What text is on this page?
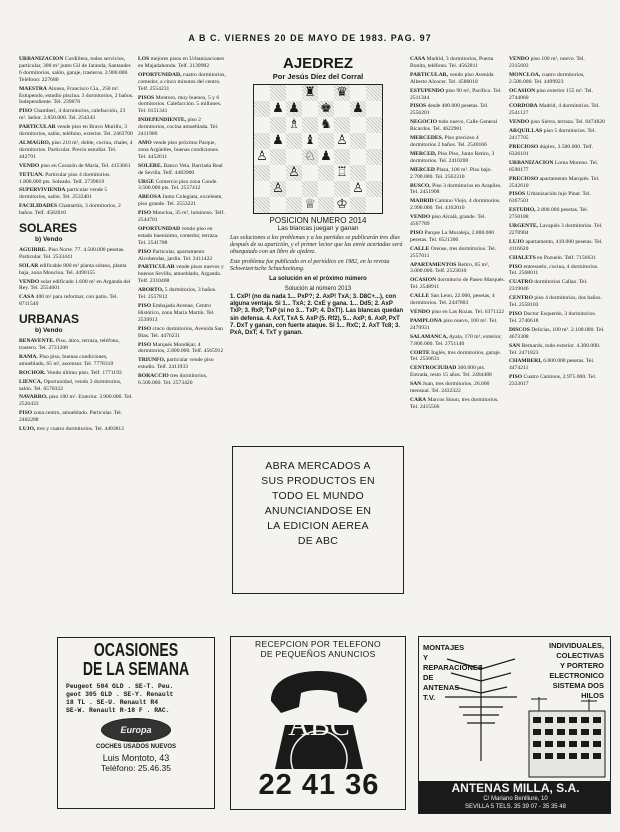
A B C. VIERNES 20 DE MAYO DE 1983. PAG. 97

URBANIZACION Cordillera, todos servicios, particular, 300 m² junto Gil de Jaranda, Santander. 6 dormitorios, salón, garaje, trasteros. 2.900.000. Teléfono: 227680

MAESTRA Alonso, Francisco Cia., 250 m². Estupendo, estudio piscina. 3 dormitorios, 2 baños. Independiente. Tel. 239678

PISO Chamberí, 4 dormitorios, calefacción, 23 m². Señor. 2.850.000. Tel. 254343

PARTICULAR vende piso en Bravo Murillo, 3 dormitorios, salón, teléfono, exterior. Tel. 2463700

ALMAGRO, piso 210 m², doble, cocina, chalet, 4 dormitorios. Particular. Precio estudiar. Tel. 442791

VENDO piso en Corazón de María, Tel. 4153661

TETUAN. Particular piso 4 dormitorios. 1.800.000 pts. Soleado. Telf. 2739819

SUPERVIVIENDA particular vende 5 dormitorios, salón. Tel. 2533401

FACILIDADES Chamartín, 3 dormitorios, 2 baños. Telf. 4582010

SOLARES
b) Vendo

AGUIRRE. Piso Norte. 77. 4.500.000 pesetas. Particular. Tel. 2533441

SOLAR edificable 800 m² planta sótano, planta baja, zona Moncloa. Tel. 4490155

VENDO solar edificado 1.600 m² en Arganda del Rey. Tel. 2554601

CASA 400 m² para reformar, con patio. Tel. 8711540

URBANAS
b) Vendo

BENAVENTE. Piso, ático, terraza, teléfono, trastero. Tel. 2731208

RAMA. Piso piso, buenas condiciones, amueblado, 65 m², ascensor. Tel. 7778310

ROCHOR. Vendo último piso. Telf. 1771193

LIENCA, Oportunidad, vendo 3 dormitorios, salón. Tel. 6570322

NAVARRO, piso 100 m². Exterior. 3.900.000. Tel. 2526433

PISO zona centro, amueblado. Particular. Tel. 2402288

LUJO, tres y cuatro dormitorios. Tel. 4403812

LOS mejores pisos en Urbanizaciones en Majadahonda. Telf. 2139902

OPORTUNIDAD, cuatro dormitorios, comedor, a cinco minutos del centro. Telf. 2554231

PISOS Montoro, muy buenos, 5 y 6 dormitorios. Calefacción. 5 millones. Tel. 6151341

INDEPENDIENTE, piso 2 dormitorios, cocina amueblada. Tel. 2411900

AMO vende piso próximo Parque, zona Argüelles, buenas condiciones. Tel. 4452611

SOLERE. Banco Vela. Barriada Real de Sevilla. Telf. 4483900

URGE Comercio piso zona Conde. 3.500.000 pts. Tel. 2557412

ABEOSA Junto Colegiata, excelente, piso grande. Tel. 2553221

PISO Moncloa, 35 m², luminoso. Telf. 2544701

OPORTUNIDAD vendo piso en estado buenísimo, comedor, terraza. Tel. 2541788

PISO Particular, apartamento Alcobendas, jardín. Tel. 2411422

PARTICULAR vende pisos nuevos y buenos Sevilla, amueblado, Arganda. Telf. 2310408

ABORTO, 5 dormitorios, 3 baños. Tel. 2557812

PISO Embajada Avenue, Centro Histórico, zona María Martín. Tel. 2539913

PISO cinco dormitorios, Avenida San Blas. Tel. 4476231

PISO Marqués Mondéjar, 4 dormitorios, 2.800.000. Telf. 4565912

TRIUNFO, particular vende piso estudio. Telf. 2411933

BORACCIO tres dormitorios, 6.500.000. Tel. 2573420

AJEDREZ
Por Jesús Díez del Corral
♜ ♛
♟ ♟ ♚ ♟
♗ ♞
♟ ♝ ♙
♙	♘ ♟
♙	♖
♙	♙
♕ ♔
POSICION NUMERO 2014
Las blancas juegan y ganan

Las soluciones a los problemas y a las partidas se publicarán tres días después de su aparición, y el primer lector que las envíe acertadas será obsequiado con un libro de ajedrez.

Este problema fue publicado en el periódico en 1982, en la revista Schweizerische Schachzeitung.

La solución en el próximo número

Solución al número 2013

1. CxP! (no da nada 1... PxP?; 2. AxP! TxA; 3. D8C+...), con alguna ventaja. Si 1... TxA; 2. CxE y gana. 1... Dd5; 2. AxP TxP; 3. RxP, TxP (si no 3... TxP; 4. DxT!). Las blancas quedan sin defensa. 4. AxT, TxA 5. AxP (5. Rf2), 5... AxP; 6. AxP, PxT 7. DxT y ganan, con fuerte ataque. Si 1... RxC; 2. AxT Tc8; 3. PxA, DxT; 4. TxT y ganan.

ABRA MERCADOS A
SUS PRODUCTOS EN
TODO EL MUNDO
ANUNCIANDOSE EN
LA EDICION AEREA
DE ABC

CASA Madrid, 3 dormitorios, Puerta Bonita, teléfono. Tel. 4562811

PARTICULAR, vendo piso Avenida Alberto Alcocer. Tel. 4586010

ESTUPENDO piso 90 m², Pacífico. Tel. 2511344

PISOS desde 400.000 pesetas. Tel. 2556201

NEGOCIO todo nuevo, Calle General Ricardos. Tel. 4622901

MERCEDES. Piso precioso 4 dormitorios 2 baños. Tel. 2540166

MERCED, Piso Piso, Junto Retiro, 3 dormitorios. Tel. 2410200

MERCED Plaza, 100 m². Piso bajo. 2.700.000. Tel. 2562310

BUSCO, Piso 3 dormitorios en Arapiles. Tel. 2451908

MADRID Camino Viejo, 4 dormitorios. 2.990.000. Tel. 4162010

VENDO piso Alcalá, grande. Tel. 4567789

PISO Parque La Moraleja, 2.800.000 pesetas. Tel. 6521300

CALLE Orense, tres dormitorios. Tel. 2557011

APARTAMENTOS Retiro, 65 m², 3.000.000. Telf. 2523010

OCASION dormitorio de Paseo Marqués. Tel. 2548911

CALLE San Leon, 22.000, pesetas, 4 dormitorios. Tel. 2447803

VENDO piso en Las Rozas. Tel. 6371122

PAMPLONA piso nuevo, 100 m². Tel. 2479931

SALAMANCA, Ayala, 170 m², exterior, 7.800.000. Tel. 2751140

CORTE Inglés, tres dormitorios, garaje. Tel. 2556631

CENTROCIUDAD 300.000 pts. Entrada, resto 15 años. Tel. 2484488

SAN Juan, tres dormitorios, 26.000 mensual. Tel. 2432322

CARA Marcos Sinon, tres dormitorios. Tel. 2415566

VENDO piso 100 m², nuevo. Tel. 2315603

MONCLOA, cuatro dormitorios, 2.500.000. Tel. 4499923

OCASION piso exterior 155 m². Tel. 2744060

CORDOBA Madrid, 4 dormitorios. Tel. 2541127

VENDO piso Sierra, terraza. Tel. 8474820

ARQUILLAS piso 5 dormitorios. Tel. 2417705

PRECIOSO dúplex, 3.500.000. Telf. 6326101

URBANIZACION Loma Moreno. Tel. 8590177

PRECIOSO apartamento Marqués. Tel. 2542610

PISOS Urbanización lujo Pinar. Tel. 6367501

ESTUDIO, 2.800.000 pesetas. Tel. 2750188

URGENTE, Lavapiés 3 dormitorios. Tel. 2270904

LUJO apartamento, 410.000 pesetas. Tel. 4116620

CHALETS en Pozuelo. Telf. 7156631

PISO entresuelo, cocina, 4 dormitorios. Tel. 2568011

CUATRO dormitorios Callao. Tel. 2319046

CENTRO piso 4 dormitorios, dos baños. Tel. 2558103

PISO Doctor Esquerdo, 3 dormitorios. Tel. 2746618

DISCOS Delicias, 100 m². 2.100.000. Tel. 4673308

SAN Bernardo, todo exterior. 4.300.000. Tel. 2471823

CHAMBERI, 6.800.000 pesetas. Tel. 4474211

PISO Cuatro Caminos, 2.975.000. Tel. 2333017

OCASIONES
DE LA SEMANA
Peugeot 504 GLD . SE-T. Peu.
geot 305 GLD . SE-Y. Renault
18 TL . SE-U. Renault R4
SE-W. Renault R-18 F . RAC.
Europa
COCHES USADOS NUEVOS
Luis Montoto, 43
Teléfono: 25.46.35
RECEPCION POR TELEFONO
DE PEQUEÑOS ANUNCIOS
ABC
22 41 36
MONTAJES
Y
REPARACIONES
DE
ANTENAS
T.V.
INDIVIDUALES,
COLECTIVAS
Y PORTERO
ELECTRONICO
SISTEMA DOS
HILOS
ANTENAS MILLA, S.A.
C/ Mariano Benlliure, 10
SEVILLA 5 TELS. 35 39 07 - 35 35 48
